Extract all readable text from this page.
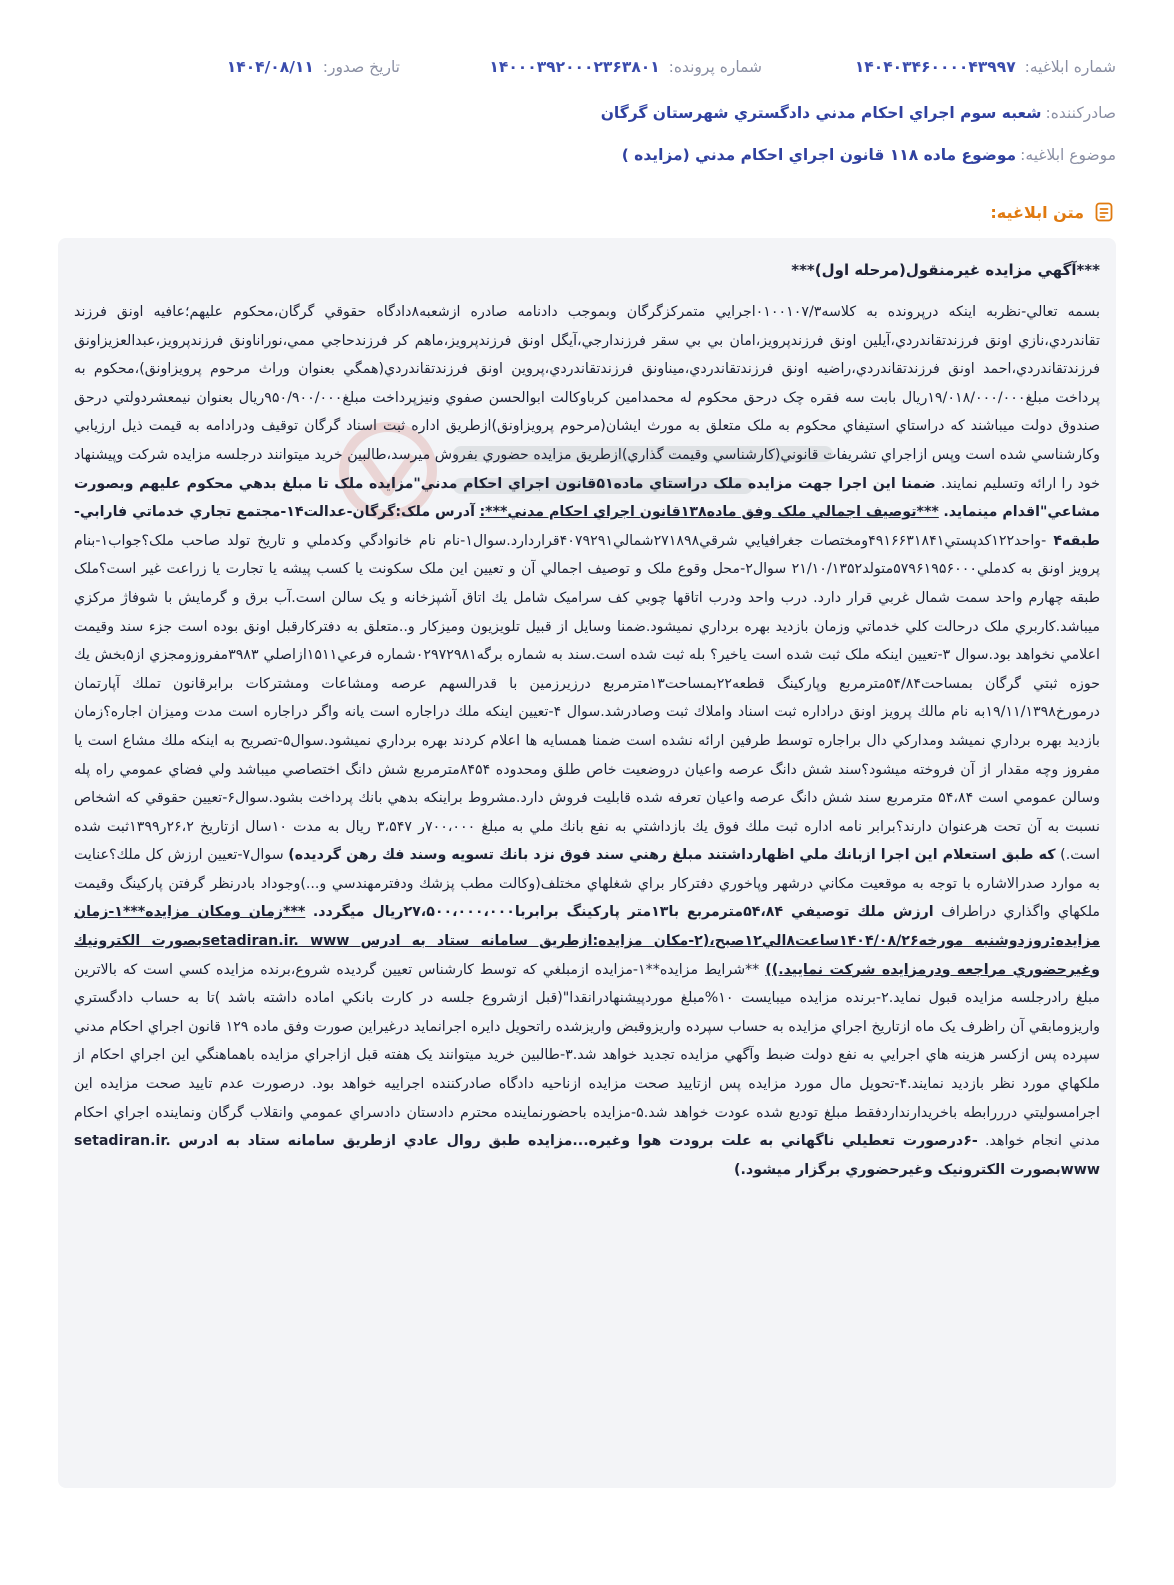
شماره ابلاغيه: ۱۴۰۴۰۳۴۶۰۰۰۰۴۳۹۹۷
شماره پرونده: ۱۴۰۰۰۳۹۲۰۰۰۲۳۶۳۸۰۱
تاريخ صدور: ۱۴۰۴/۰۸/۱۱
صادرکننده:
شعبه سوم اجراي احکام مدني دادگستري شهرستان گرگان
موضوع ابلاغيه:
موضوع ماده ۱۱۸ قانون اجراي احکام مدني (مزايده )
متن ابلاغيه:

***آگهي مزايده غيرمنقول(مرحله اول)***

بسمه تعالي-نظربه اينکه درپرونده به کلاسه۰۱۰۰۱۰۷/۳اجرايي متمرکزگرگان وبموجب دادنامه صادره ازشعبه۸دادگاه حقوقي گرگان،محکوم عليهم؛عافيه اونق فرزند تقاندردي،نازي اونق فرزندتقاندردي،آيلين اونق فرزندپرويز،امان بي بي سقر فرزندارجي،آيگل اونق فرزندپرويز،ماهم کر فرزندحاجي ممي،نوراناونق فرزندپرويز،عبدالعزيزاونق فرزندتقاندردي،احمد اونق فرزندتقاندردي،راضيه اونق فرزندتقاندردي،ميناونق فرزندتقاندردي،پروين اونق فرزندتقاندردي(همگي بعنوان وراث مرحوم پرويزاونق)،محکوم به پرداخت مبلغ۱۹/۰۱۸/۰۰۰/۰۰۰ريال بابت سه فقره چک درحق محکوم له محمدامين کرباوکالت ابوالحسن صفوي ونيزپرداخت مبلغ۹۵۰/۹۰۰/۰۰۰ريال بعنوان نيمعشردولتي درحق صندوق دولت ميباشند که دراستاي استيفاي محکوم به ملک متعلق به مورث ايشان(مرحوم پرويزاونق)ازطريق اداره ثبت اسناد گرگان توقيف ودرادامه به قيمت ذيل ارزيابي وکارشناسي شده است وپس ازاجراي تشريفات قانوني(کارشناسي وقيمت گذاري)ازطريق مزايده حضوري بفروش ميرسد،طالبين خريد ميتوانند درجلسه مزايده شرکت وپيشنهاد خود را ارائه وتسليم نمايند. ضمنا اين اجرا جهت مزايده ملک دراستاي ماده۵۱قانون اجراي احکام مدني"مزايده ملک تا مبلغ بدهي محکوم عليهم وبصورت مشاعي"اقدام مينمايد. ***توصيف اجمالي ملک وفق ماده۱۳۸قانون اجراي احکام مدني***: آدرس ملک:گرگان-عدالت۱۴-مجتمع تجاري خدماتي فارابي-طبقه۴ -واحد۱۲۲کدپستي۴۹۱۶۶۳۱۸۴۱ومختصات جغرافيايي شرقي۲۷۱۸۹۸شمالي۴۰۷۹۲۹۱قراردارد.سوال۱-نام نام خانوادگي وکدملي و تاريخ تولد صاحب ملک؟جواب۱-بنام پرويز اونق به کدملي۵۷۹۶۱۹۵۶۰۰۰متولد۲۱/۱۰/۱۳۵۲ سوال۲-محل وقوع ملک و توصيف اجمالي آن و تعيين اين ملک سکونت يا کسب پيشه يا تجارت يا زراعت غير است؟ملک طبقه چهارم واحد سمت شمال غربي قرار دارد. درب واحد ودرب اتاقها چوبي کف سراميک شامل يك اتاق آشپزخانه و يک سالن است.آب برق و گرمايش با شوفاژ مرکزي ميباشد.کاربري ملک درحالت کلي خدماتي وزمان بازديد بهره برداري نميشود.ضمنا وسايل از قبيل تلويزيون وميزکار و..متعلق به دفترکارقبل اونق بوده است جزء سند وقيمت اعلامي نخواهد بود.سوال ۳-تعيين اينکه ملک ثبت شده است ياخير؟ بله ثبت شده است.سند به شماره برگه۲۹۸۱‏۰۲۹۷شماره فرعي۱۵۱۱ازاصلي ۳۹۸۳مفروزومجزي از۵بخش يك حوزه ثبتي گرگان بمساحت۵۴/۸۴مترمربع وپارکينگ قطعه۲۲بمساحت۱۳مترمربع درزيرزمين با قدرالسهم عرصه ومشاعات ومشترکات برابرقانون تملك آپارتمان درمورخ۱۹/۱۱/۱۳۹۸به نام مالك پرويز اونق دراداره ثبت اسناد واملاك ثبت وصادرشد.سوال ۴-تعيين اينكه ملك دراجاره است يانه واگر دراجاره است مدت وميزان اجاره؟زمان بازديد بهره برداري نميشد ومداركي دال براجاره توسط طرفين ارائه نشده است ضمنا همسايه ها اعلام كردند بهره برداري نميشود.سوال۵-تصريح به اينكه ملك مشاع است يا مفروز وچه مقدار از آن فروخته ميشود؟سند شش دانگ عرصه واعيان دروضعيت خاص طلق ومحدوده ۸۴۵۴مترمربع شش دانگ اختصاصي ميباشد ولي فضاي عمومي راه پله وسالن عمومي است ۵۴،۸۴ مترمربع سند شش دانگ عرصه واعيان تعرفه شده قابليت فروش دارد.مشروط براينكه بدهي بانك پرداخت بشود.سوال۶-تعيين حقوقي كه اشخاص نسبت به آن تحت هرعنوان دارند؟برابر نامه اداره ثبت ملك فوق يك بازداشتي به نفع بانك ملي به مبلغ ۷۰۰،۰۰۰ر ۳،۵۴۷ ريال به مدت ۱۰سال ازتاريخ ۲۶،۲ر۱۳۹۹ثبت شده است.) كه طبق استعلام اين اجرا ازبانك ملي اظهارداشتند مبلغ رهني سند فوق نزد بانك تسويه وسند فك رهن گرديده) سوال۷-تعيين ارزش كل ملك؟عنايت به موارد صدرالاشاره با توجه به موقعيت مكاني درشهر وپاخوري دفتركار براي شغلهاي مختلف(وكالت مطب پزشك ودفترمهندسي و...)وجوداد بادرنظر گرفتن پاركينگ وقيمت ملكهاي واگذاري دراطراف ارزش ملك توصيفي ۵۴،۸۴مترمربع با۱۳متر پاركينگ برابربا۲۷،۵۰۰،۰۰۰،۰۰۰ريال ميگردد. ***زمان ومكان مزايده***۱-زمان مزايده:روزدوشنبه مورخه۱۴۰۴/۰۸/۲۶ساعت۸الي۱۲صبح،(۲-مكان مزايده:ازطريق سامانه ستاد به ادرس setadiran.ir. wwwبصورت الكترونيك وغيرحضوري مراجعه ودرمزايده شركت نماييد.)) **شرايط مزايده**۱-مزايده ازمبلغي كه توسط كارشناس تعيين گرديده شروع،برنده مزايده كسي است كه بالاترين مبلغ رادرجلسه مزايده قبول نمايد.۲-برنده مزايده ميبايست ۱۰%مبلغ موردپيشنهادرانقدا"(قبل ازشروع جلسه در كارت بانكي اماده داشته باشد )تا به حساب دادگستري واريزومابقي آن راظرف يک ماه ازتاريخ اجراي مزايده به حساب سپرده واريزوقبض واريزشده راتحويل دايره اجرانمايد درغيراين صورت وفق ماده ۱۲۹ قانون اجراي احكام مدني سپرده پس ازكسر هزينه هاي اجرايي به نفع دولت ضبط وآگهي مزايده تجديد خواهد شد.۳-طالبين خريد ميتوانند يک هفته قبل ازاجراي مزايده باهماهنگي اين اجراي احکام از ملکهاي مورد نظر بازديد نمايند.۴-تحويل مال مورد مزايده پس ازتاييد صحت مزايده ازناحيه دادگاه صادرکننده اجراييه خواهد بود. درصورت عدم تاييد صحت مزايده اين اجرامسوليتي درررابطه باخريدارنداردفقط مبلغ توديع شده عودت خواهد شد.۵-مزايده باحضورنماينده محترم دادستان دادسراي عمومي وانقلاب گرگان ونماينده اجراي احکام مدني انجام خواهد. -۶درصورت تعطيلي ناگهاني به علت برودت هوا وغيره...مزايده طبق روال عادي ازطريق سامانه ستاد به ادرس setadiran.ir. wwwبصورت الکترونيک وغيرحضوري برگزار ميشود.)
